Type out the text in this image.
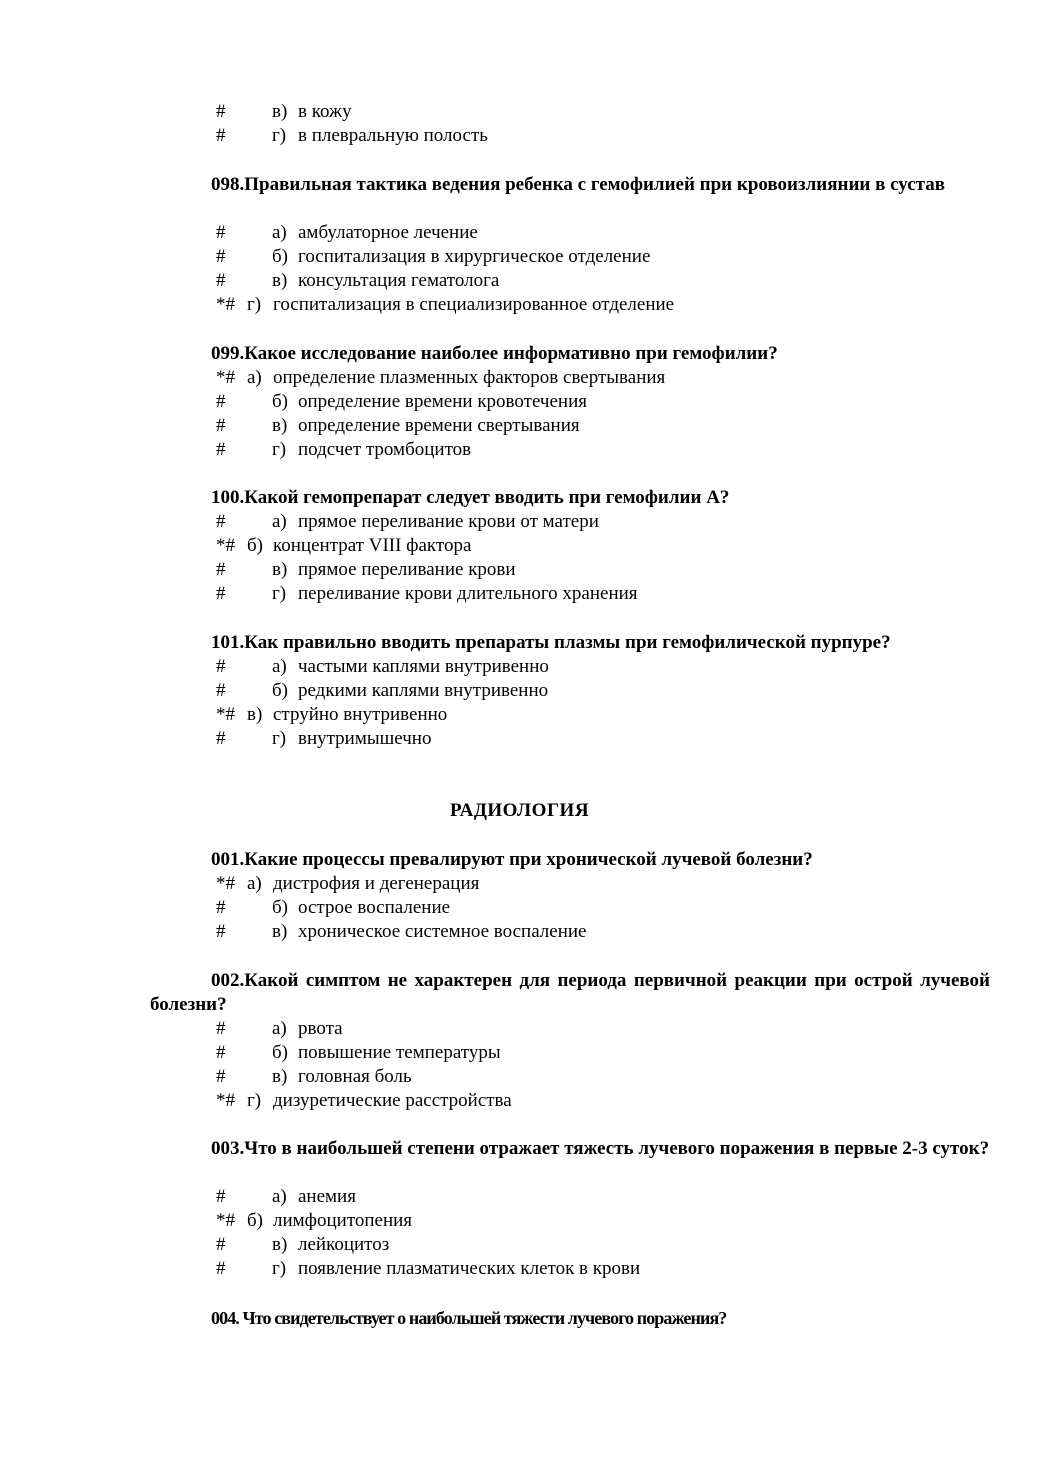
# в) в кожу
# г) в плевральную полость
098.Правильная тактика ведения ребенка с гемофилией при кровоизлиянии в сустав
# а) амбулаторное лечение
# б) госпитализация в хирургическое отделение
# в) консультация гематолога
*# г) госпитализация в специализированное отделение
099.Какое исследование наиболее информативно при гемофилии?
*# а) определение плазменных факторов свертывания
# б) определение времени кровотечения
# в) определение времени свертывания
# г) подсчет тромбоцитов
100.Какой гемопрепарат следует вводить при гемофилии А?
# а) прямое переливание крови от матери
*# б) концентрат VIII фактора
# в) прямое переливание крови
# г) переливание крови длительного хранения
101.Как правильно вводить препараты плазмы при гемофилической пурпуре?
# а) частыми каплями внутривенно
# б) редкими каплями внутривенно
*# в) струйно внутривенно
# г) внутримышечно
РАДИОЛОГИЯ
001.Какие процессы превалируют при хронической лучевой болезни?
*# а) дистрофия и дегенерация
# б) острое воспаление
# в) хроническое системное воспаление
002.Какой симптом не характерен для периода первичной реакции при острой лучевой болезни?
# а) рвота
# б) повышение температуры
# в) головная боль
*# г) дизуретические расстройства
003.Что в наибольшей степени отражает тяжесть лучевого поражения в первые 2-3 суток?
# а) анемия
*# б) лимфоцитопения
# в) лейкоцитоз
# г) появление плазматических клеток в крови
004. Что свидетельствует о наибольшей тяжести лучевого поражения?
